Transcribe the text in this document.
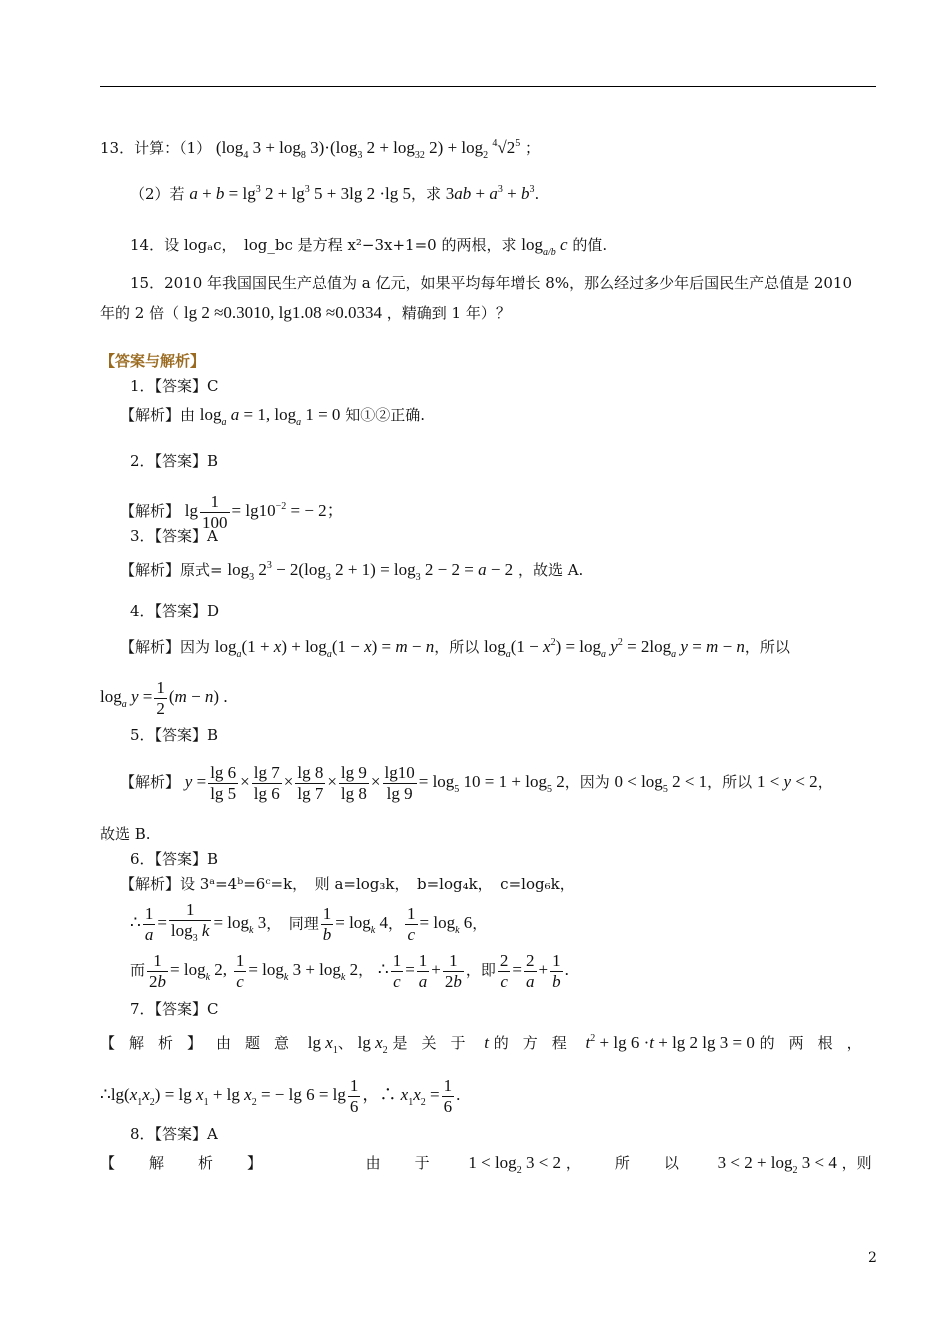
13．计算：（1） ($\log_4$ $3 + \log_8 3)\cdot(\log_3$ $2 + \log_{32} 2) + \log_2 ^4√2^5$ ；
（2）若 $a + b = \lg^3 2 + \lg^3 5 + 3\lg$ 2 ·lg 5，求 $3ab + a^3 + b^3$.
14．设 logₐc，　log_bc 是方程 x²−3x+1=0 的两根，求 $\log_{a/b} c$ 的值.
15．2010 年我国国民生产总值为 a 亿元，如果平均每年增长 8%，那么经过多少年后国民生产总值是 2010
年的 2 倍（ lg 2 ≈0.3010, lg1.08 ≈0.0334 ，精确到 1 年）？
【答案与解析】
1．【答案】C
【解析】由 $\log_a a = 1$, $\log_a 1 = 0$ 知①②正确.
2．【答案】B
【解析】 $\lg \frac{1}{100} = \lg 10^{-2}$ = − 2；
3．【答案】A
【解析】原式= $\log_3 2^3 - 2(\log_3$ $2 + 1) = \log_3 2 - 2 = a - 2$ ，故选 A.
4．【答案】D
【解析】因为 $\log_a(1 + x) + \log_a(1 - x) = m - n$，所以 $\log_a(1 - x^2) = \log_a y^2 = 2\log_a$ y = m − n，所以
$\log_a y = \frac{1}{2} (m - n)$ .
5．【答案】B
【解析】 $y = \frac{\lg 6}{\lg 5} \times \frac{\lg 7}{\lg 6} \times \frac{\lg 8}{\lg 7} \times \frac{\lg 9}{\lg 8} \times \frac{\lg 10}{\lg 9} = \log_5 10 = 1 + \log_5 2$，因为 $0 < \log_5 2 < 1$，所以 1 < y < 2，
故选 B.
6．【答案】B
【解析】设 3ᵃ=4ᵇ=6ᶜ=k，　则 a=log₃k，　b=log₄k，　c=log₆k，
∴ $\frac{1}{a} = \frac{1}{\log_3 k} = \log_k 3$，　同理 $\frac{1}{b} = \log_k 4$， $\frac{1}{c} = \log_k 6$，
而 $\frac{1}{2b} = \log_k 2$, $\frac{1}{c} = \log_k 3 + \log_k 2$， ∴ $\frac{1}{c} = \frac{1}{a} + \frac{1}{2b}$ ，即 $\frac{2}{c} = \frac{2}{a} + \frac{1}{b}$ .
7．【答案】C
【解析】由题意 $\lg x_1$、 $\lg x_2$ 是关于 t 的方程 $t^2 + \lg 6 \cdot t + \lg 2$ lg 3 = 0 的两根，
$\therefore\lg(x_1x_2) = \lg x_1 + \lg x_2$ = − $\lg 6 = \lg \frac{1}{6}$ ，∴ $x_1x_2 = \frac{1}{6}$ .
8．【答案】A
【解析】	由于 $1 < \log_2 3 < 2$ ，所以 $3 < 2 + \log_2 3 < 4$ ，则
2
